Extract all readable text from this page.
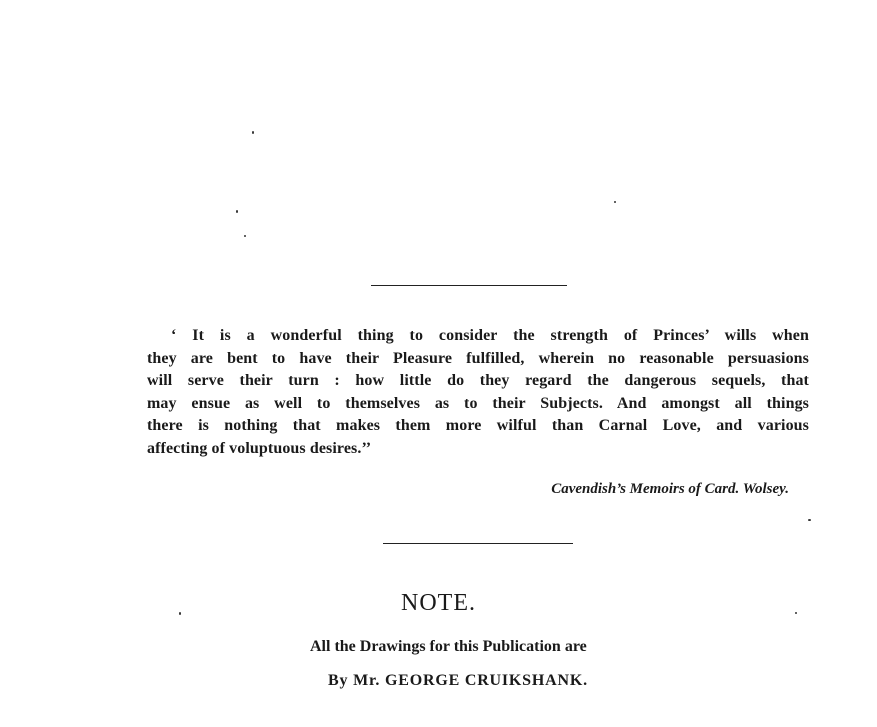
‘ It is a wonderful thing to consider the strength of Princes’ wills when
they are bent to have their Pleasure fulfilled, wherein no reasonable persuasions
will serve their turn : how little do they regard the dangerous sequels, that
may ensue as well to themselves as to their Subjects. And amongst all things
there is nothing that makes them more wilful than Carnal Love, and various
affecting of voluptuous desires.’’
Cavendish’s Memoirs of Card. Wolsey.
NOTE.
All the Drawings for this Publication are
By Mr. GEORGE CRUIKSHANK.
